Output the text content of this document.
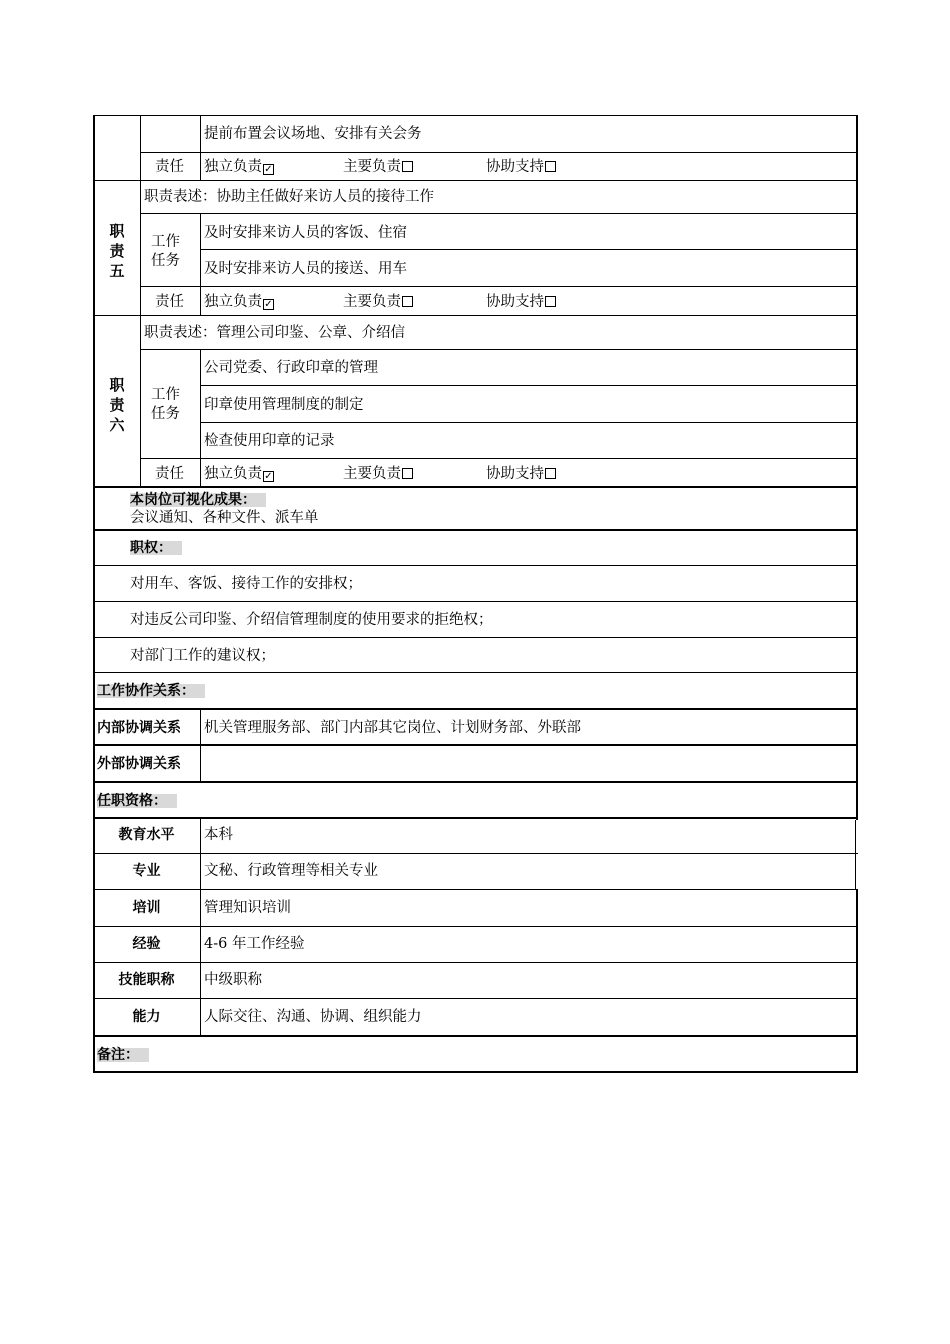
提前布置会议场地、安排有关会务
责任 独立负责 ✓	主要负责	协助支持
职责五
职责表述：协助主任做好来访人员的接待工作
工作任务
及时安排来访人员的客饭、住宿
及时安排来访人员的接送、用车
责任 独立负责 ✓	主要负责	协助支持
职责六
职责表述：管理公司印鉴、公章、介绍信
工作任务
公司党委、行政印章的管理
印章使用管理制度的制定
检查使用印章的记录
责任 独立负责 ✓	主要负责	协助支持
本岗位可视化成果：
会议通知、各种文件、派车单
职权：
对用车、客饭、接待工作的安排权；
对违反公司印鉴、介绍信管理制度的使用要求的拒绝权；
对部门工作的建议权；
工作协作关系：
内部协调关系 机关管理服务部、部门内部其它岗位、计划财务部、外联部
外部协调关系
任职资格：
教育水平	本科
专业	文秘、行政管理等相关专业
培训	管理知识培训
经验	4-6 年工作经验
技能职称	中级职称
能力	人际交往、沟通、协调、组织能力
备注：
